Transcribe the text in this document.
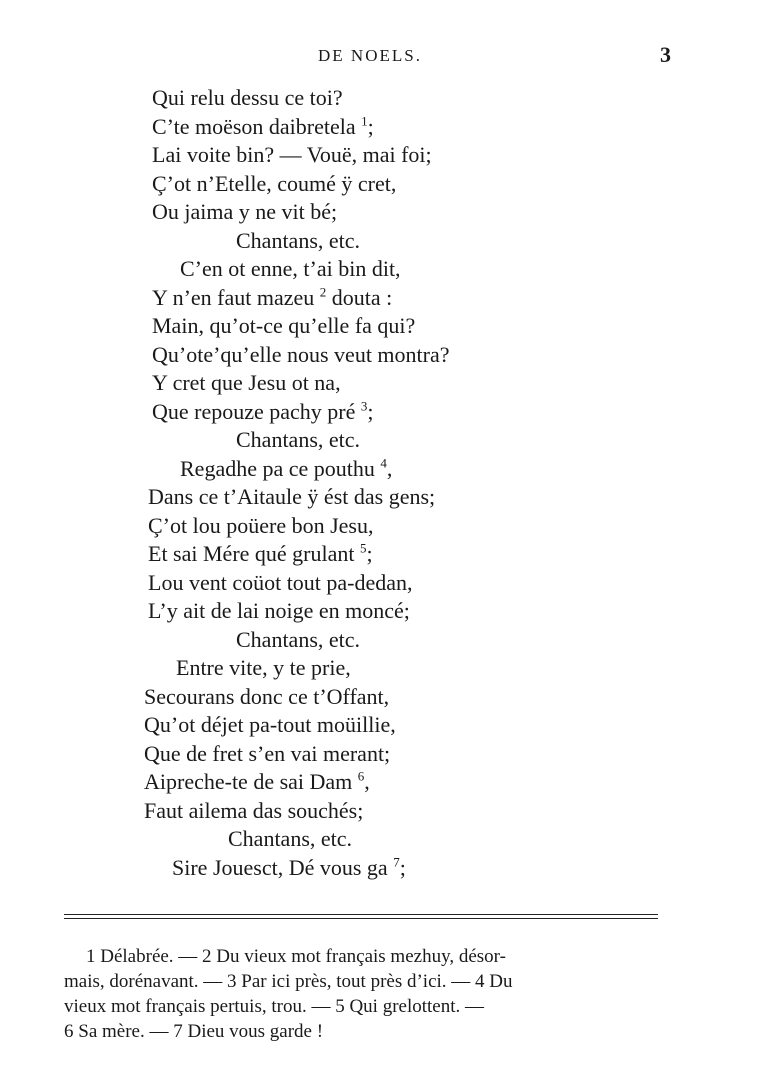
DE NOELS.	3
Qui relu dessu ce toi?
C’te moëson daibretela $^1$;
Lai voite bin? — Vouë, mai foi;
Ç’ot n’Etelle, coumé ÿ cret,
Ou jaima y ne vit bé;
Chantans, etc.
C’en ot enne, t’ai bin dit,
Y n’en faut mazeu $^2$ douta :
Main, qu’ot-ce qu’elle fa qui?
Qu’ote’qu’elle nous veut montra?
Y cret que Jesu ot na,
Que repouze pachy pré $^3$;
Chantans, etc.
Regadhe pa ce pouthu $^4$,
Dans ce t’Aitaule ÿ ést das gens;
Ç’ot lou poüere bon Jesu,
Et sai Mére qué grulant $^5$;
Lou vent coüot tout pa-dedan,
L’y ait de lai noige en moncé;
Chantans, etc.
Entre vite, y te prie,
Secourans donc ce t’Offant,
Qu’ot déjet pa-tout moüillie,
Que de fret s’en vai merant;
Aipreche-te de sai Dam $^6$,
Faut ailema das souchés;
Chantans, etc.
Sire Jouesct, Dé vous ga $^7$;
1 Délabrée. — 2 Du vieux mot français mezhuy, désor-
mais, dorénavant. — 3 Par ici près, tout près d’ici. — 4 Du
vieux mot français pertuis, trou. — 5 Qui grelottent. —
6 Sa mère. — 7 Dieu vous garde !
